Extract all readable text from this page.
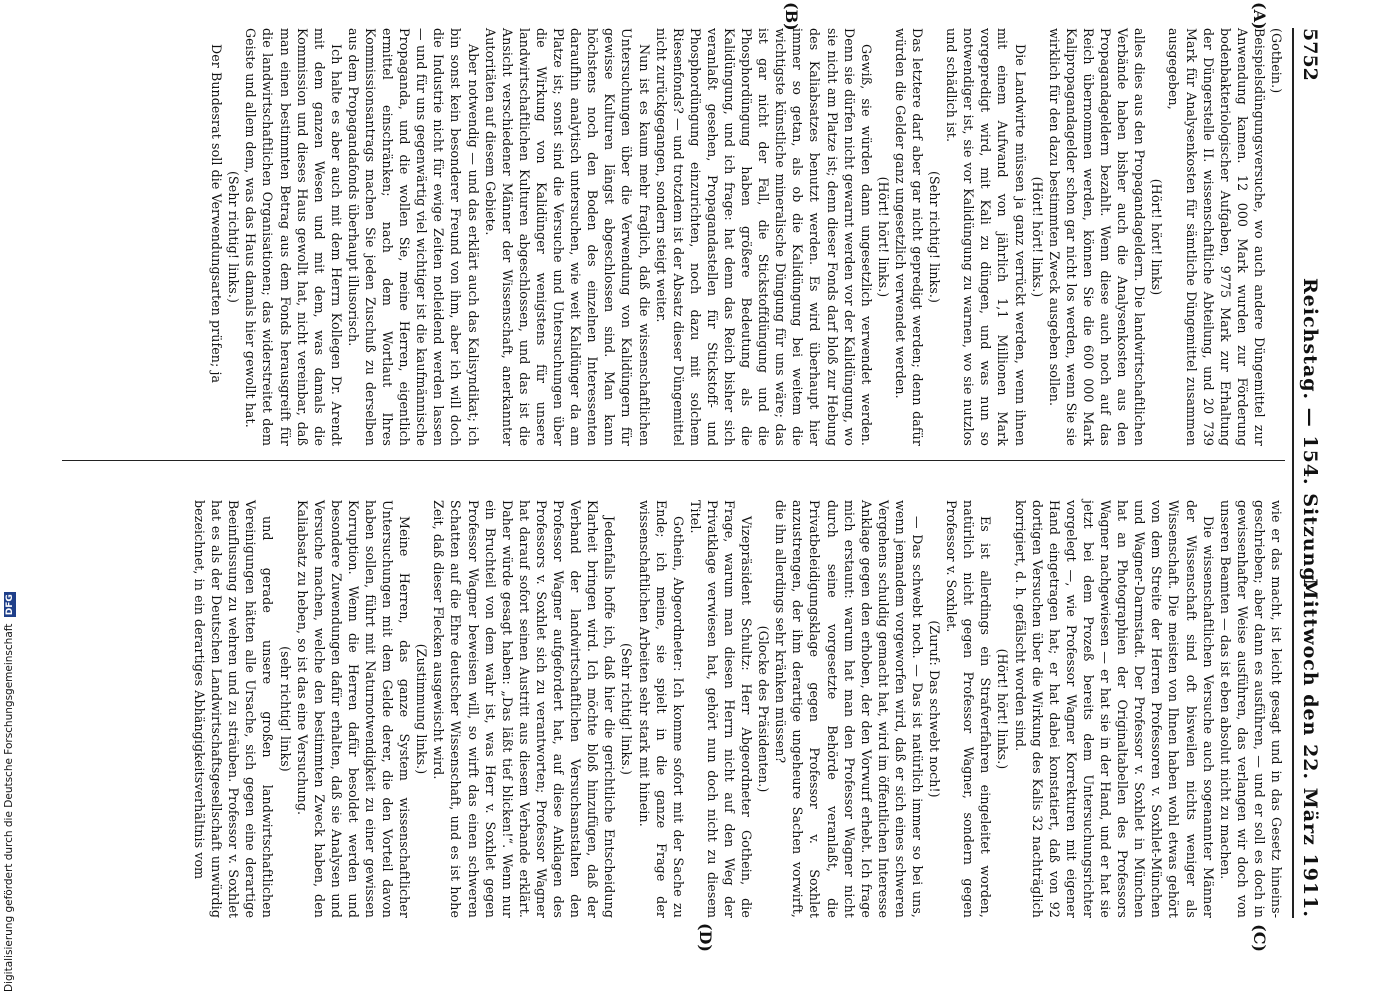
5752
Reichstag. — 154. Sitzung.
Mittwoch den 22. März 1911.
(A)
(B)
(C)
(D)

(Gothein.)

Beispielsdüngungsversuche, wo auch andere Düngemittel zur Anwendung kamen. 12 000 Mark wurden zur Förderung bodenbakteriologischer Aufgaben, 9775 Mark zur Erhaltung der Düngerstelle II. wissenschaftliche Abteilung, und 20 739 Mark für Analysenkosten für sämtliche Düngemittel zusammen ausgegeben,

(Hört! hört! links)

alles dies aus den Propagandageldern. Die landwirtschaftlichen Verbände haben bisher auch die Analysenkosten aus den Propagandageldern bezahlt. Wenn diese auch noch auf das Reich übernommen werden, können Sie die 600 000 Mark Kalipropagandagelder schon gar nicht los werden, wenn Sie sie wirklich für den dazu bestimmten Zweck ausgeben sollen.

(Hört! hört! links.)

Die Landwirte müssen ja ganz verrückt werden, wenn ihnen mit einem Aufwand von jährlich 1,1 Millionen Mark vorgepredigt wird, mit Kali zu düngen, und was nun so notwendiger ist, sie vor Kalidüngung zu warnen, wo sie nutzlos und schädlich ist.

(Sehr richtig! links.)

Das letztere darf aber gar nicht gepredigt werden; denn dafür würden die Gelder ganz ungesetzlich verwendet werden.

(Hört! hört! links.)

Gewiß, sie würden dann ungesetzlich verwendet werden. Denn sie dürfen nicht gewarnt werden vor der Kalidüngung, wo sie nicht am Platze ist; denn dieser Fonds darf bloß zur Hebung des Kaliabsatzes benutzt werden. Es wird überhaupt hier immer so getan, als ob die Kalidüngung bei weitem die wichtigste künstliche mineralische Düngung für uns wäre; das ist gar nicht der Fall, die Stickstoffdüngung und die Phosphordüngung haben größere Bedeutung als die Kalidüngung, und ich frage: hat denn das Reich bisher sich veranlaßt gesehen, Propagandastellen für Stickstoff- und Phosphordüngung einzurichten, noch dazu mit solchem Riesenfonds? — und trotzdem ist der Absatz dieser Düngemittel nicht zurückgegangen, sondern steigt weiter.

Nun ist es kaum mehr fraglich, daß die wissenschaftlichen Untersuchungen über die Verwendung von Kalidüngern für gewisse Kulturen längst abgeschlossen sind. Man kann höchstens noch den Boden des einzelnen Interessenten daraufhin analytisch untersuchen, wie weit Kalidünger da am Platze ist; sonst sind die Versuche und Untersuchungen über die Wirkung von Kalidünger wenigstens für unsere landwirtschaftlichen Kulturen abgeschlossen, und das ist die Ansicht verschiedener Männer der Wissenschaft, anerkannter Autoritäten auf diesem Gebiete.

Aber notwendig — und das erklärt auch das Kalisyndikat; ich bin sonst kein besonderer Freund von ihm, aber ich will doch die Industrie nicht für ewige Zeiten notleidend werden lassen — und für uns gegenwärtig viel wichtiger ist die kaufmännische Propaganda, und die wollen Sie, meine Herren, eigentlich ermittel einschränken; nach dem Wortlaut Ihres Kommissionsantrags machen Sie jeden Zuschuß zu derselben aus dem Propagandafonds überhaupt illusorisch.

Ich halte es aber auch mit dem Herrn Kollegen Dr. Arendt mit dem ganzen Wesen und mit dem, was damals die Kommission und dieses Haus gewollt hat, nicht vereinbar, daß man einen bestimmten Betrag aus dem Fonds herausgreift für die landwirtschaftlichen Organisationen; das widerstreitet dem Geiste und allem dem, was das Haus damals hier gewollt hat.

(Sehr richtig! links.)

Der Bundesrat soll die Verwendungsarten prüfen; ja

wie er das macht, ist leicht gesagt und in das Gesetz hineinsgeschrieben; aber dann es ausführen, — und er soll es doch in gewissenhafter Weise ausführen, das verlangen wir doch von unseren Beamten — das ist eben absolut nicht zu machen.

Die wissenschaftlichen Versuche auch sogenannter Männer der Wissenschaft sind oft bisweilen nichts weniger als Wissenschaft. Die meisten von Ihnen haben wohl etwas gehört von dem Streite der Herren Professoren v. Soxhlet-München und Wagner-Darmstadt. Der Professor v. Soxhlet in München hat an Photographien der Originaltabellen des Professors Wagner nachgewiesen — er hat sie in der Hand, und er hat sie jetzt bei dem Prozeß bereits dem Untersuchungsrichter vorgelegt —, wie Professor Wagner Korrekturen mit eigener Hand eingetragen hat; er hat dabei konstatiert, daß von 92 dortigen Versuchen über die Wirkung des Kalis 32 nachträglich korrigiert, d. h. gefälscht worden sind.

(Hört! hört! links.)

Es ist allerdings ein Strafverfahren eingeleitet worden, natürlich nicht gegen Professor Wagner, sondern gegen Professor v. Soxhlet.

(Zuruf: Das schwebt noch!)

— Das schwebt noch. — Das ist natürlich immer so bei uns, wenn jemandem vorgeworfen wird, daß er sich eines schweren Vergehens schuldig gemacht hat, wird im öffentlichen Interesse Anklage gegen den erhoben, der den Vorwurf erhebt. Ich frage mich erstaunt: warum hat man den Professor Wagner nicht durch seine vorgesetzte Behörde veranlaßt, die Privatbeleidigungsklage gegen Professor v. Soxhlet anzustrengen, der ihm derartige ungeheure Sachen vorwirft, die ihn allerdings sehr kränken müssen?

(Glocke des Präsidenten.)

Vizepräsident Schultz: Herr Abgeordneter Gothein, die Frage, warum man diesen Herrn nicht auf den Weg der Privatklage verwiesen hat, gehört nun doch nicht zu diesem Titel.

Gothein, Abgeordneter: Ich komme sofort mit der Sache zu Ende; ich meine, sie spielt in die ganze Frage der wissenschaftlichen Arbeiten sehr stark mit hinein.

(Sehr richtig! links.)

Jedenfalls hoffe ich, daß hier die gerichtliche Entscheidung Klarheit bringen wird. Ich möchte bloß hinzufügen, daß der Verband der landwirtschaftlichen Versuchsanstalten den Professor Wagner aufgefordert hat, auf diese Anklagen des Professors v. Soxhlet sich zu verantworten; Professor Wagner hat darauf sofort seinen Austritt aus diesem Verbande erklärt. Daher würde gesagt haben: „Das läßt tief blicken!“. Wenn nur ein Bruchteil von dem wahr ist, was Herr v. Soxhlet gegen Professor Wagner beweisen will, so wirft das einen schweren Schatten auf die Ehre deutscher Wissenschaft, und es ist hohe Zeit, daß dieser Flecken ausgewischt wird.

(Zustimmung links.)

Meine Herren, das ganze System wissenschaftlicher Untersuchungen mit dem Gelde derer, die den Vorteil davon haben sollen, führt mit Naturnotwendigkeit zu einer gewissen Korruption. Wenn die Herren dafür besoldet werden und besondere Zuwendungen dafür erhalten, daß sie Analysen und Versuche machen, welche den bestimmten Zweck haben, den Kaliabsatz zu heben, so ist das eine Versuchung.

(sehr richtig! links)

und gerade unsere großen landwirtschaftlichen Vereinigungen hätten alle Ursache, sich gegen eine derartige Beeinflussung zu wehren und zu sträuben. Professor v. Soxhlet hat es als der Deutschen Landwirtschaftsgesellschaft unwürdig bezeichnet, in ein derartiges Abhängigkeitsverhältnis vom

Digitalisierung gefördert durch die Deutsche Forschungsgemeinschaft DFG
